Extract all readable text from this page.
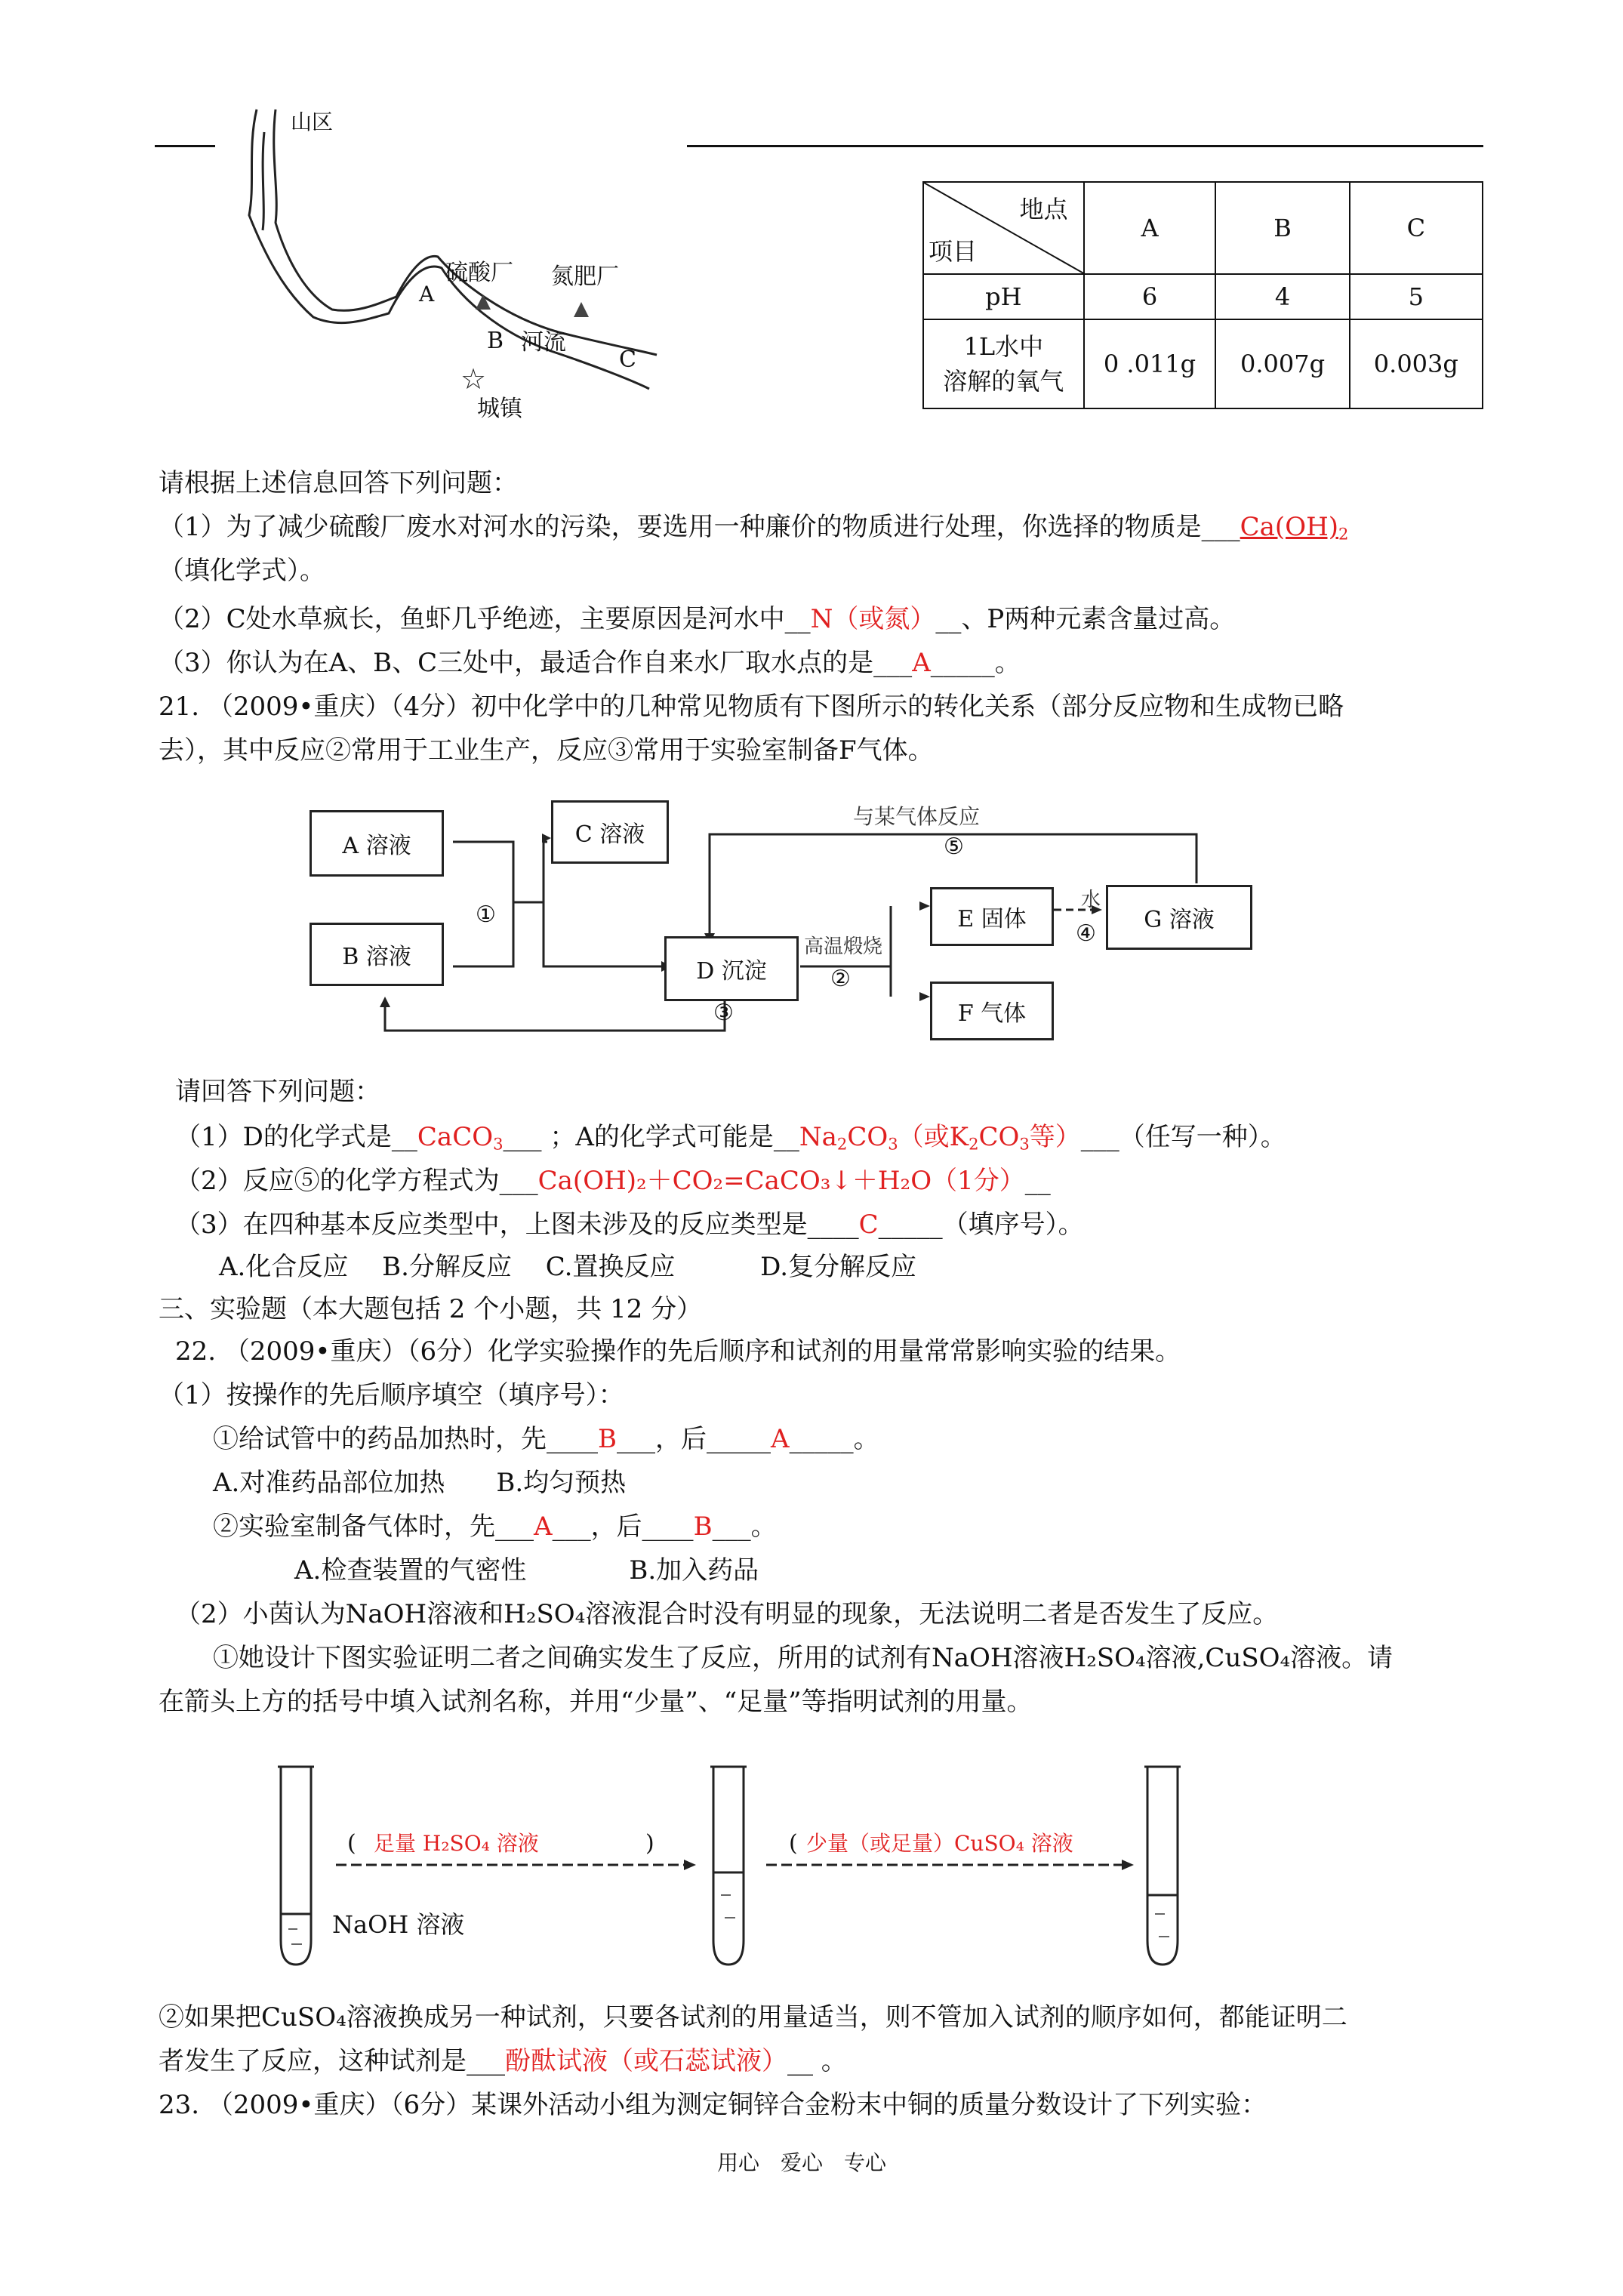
☆
山区
硫酸厂 氮肥厂
A
B 河流
C
城镇
地点
项目	A	B	C
pH	6	4	5

1L水中
溶解的氧气	0 .011g	0.007g	0.003g
请根据上述信息回答下列问题：
（1）为了减少硫酸厂废水对河水的污染，要选用一种廉价的物质进行处理，你选择的物质是$\_\_\_Ca(OH)_2$
（填化学式）。
（2）C处水草疯长，鱼虾几乎绝迹，主要原因是河水中__N（或氮）__、P两种元素含量过高。
（3）你认为在A、B、C三处中，最适合作自来水厂取水点的是___A_____。
21. （2009•重庆）（4分）初中化学中的几种常见物质有下图所示的转化关系（部分反应物和生成物已略
去），其中反应②常用于工业生产，反应③常用于实验室制备F气体。
A 溶液
B 溶液
C 溶液
D 沉淀
E 固体
F 气体
G 溶液
与某气体反应
⑤
①
高温煅烧
②
水
④
③
请回答下列问题：
（1）D的化学式是__CaCO$_3$___ ；A的化学式可能是$\_\_Na_2CO_3$（或$K_2CO_3$等）___（任写一种）。
（2）反应⑤的化学方程式为___Ca(OH)₂＋CO₂=CaCO₃↓＋H₂O（1分）__
（3）在四种基本反应类型中，上图未涉及的反应类型是____C_____（填序号）。
A.化合反应　 B.分解反应　 C.置换反应　　　 D.复分解反应
三、实验题（本大题包括 2 个小题，共 12 分）
22. （2009•重庆）（6分）化学实验操作的先后顺序和试剂的用量常常影响实验的结果。
（1）按操作的先后顺序填空（填序号）：
①给试管中的药品加热时，先____B___，后_____A_____。
A.对准药品部位加热　　B.均匀预热
②实验室制备气体时，先___A___，后____B___。
A.检查装置的气密性　　　　B.加入药品
（2）小茵认为NaOH溶液和H₂SO₄溶液混合时没有明显的现象，无法说明二者是否发生了反应。
①她设计下图实验证明二者之间确实发生了反应，所用的试剂有NaOH溶液H₂SO₄溶液,CuSO₄溶液。请
在箭头上方的括号中填入试剂名称，并用“少量”、“足量”等指明试剂的用量。
NaOH 溶液
( 足量 H₂SO₄ 溶液	)	( 少量（或足量）CuSO₄ 溶液
②如果把CuSO₄溶液换成另一种试剂，只要各试剂的用量适当，则不管加入试剂的顺序如何，都能证明二
者发生了反应，这种试剂是___酚酞试液（或石蕊试液）__ 。
23. （2009•重庆）（6分）某课外活动小组为测定铜锌合金粉末中铜的质量分数设计了下列实验：
用心　爱心　专心
